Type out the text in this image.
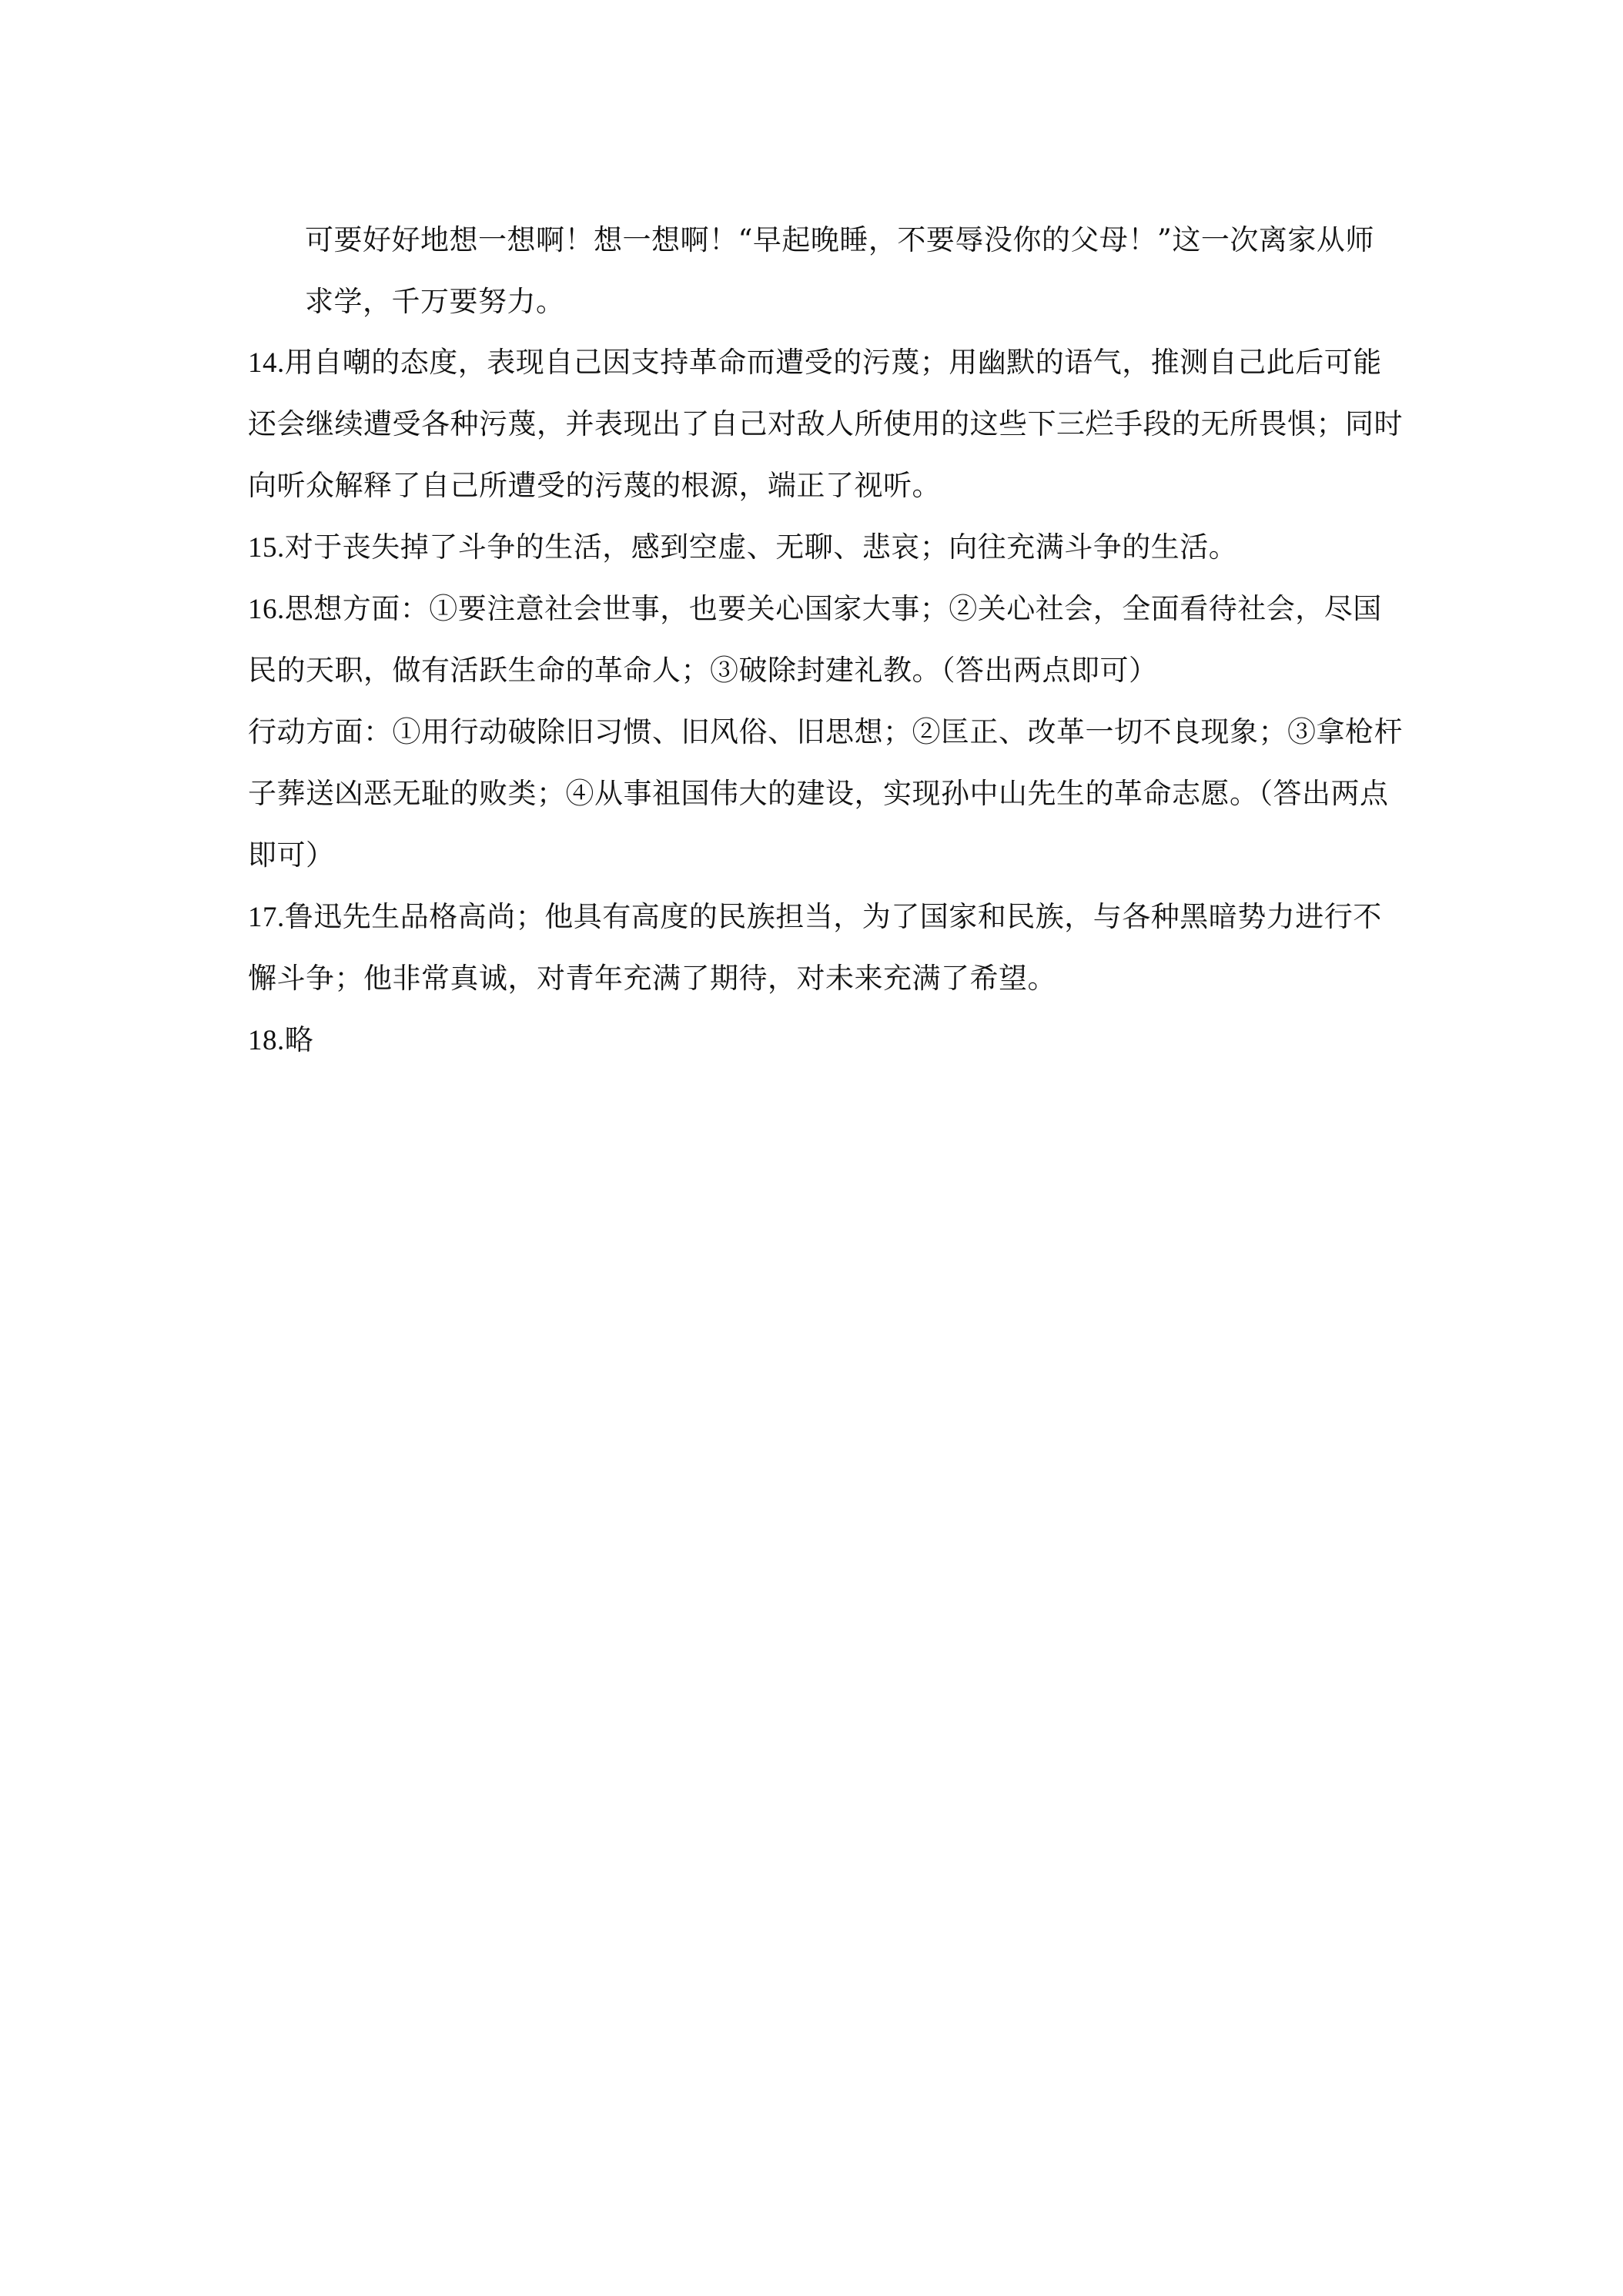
可要好好地想一想啊！想一想啊！“早起晚睡，不要辱没你的父母！”这一次离家从师
求学，千万要努力。

14.用自嘲的态度，表现自己因支持革命而遭受的污蔑；用幽默的语气，推测自己此后可能
还会继续遭受各种污蔑，并表现出了自己对敌人所使用的这些下三烂手段的无所畏惧；同时
向听众解释了自己所遭受的污蔑的根源，端正了视听。

15.对于丧失掉了斗争的生活，感到空虚、无聊、悲哀；向往充满斗争的生活。

16.思想方面：①要注意社会世事，也要关心国家大事；②关心社会，全面看待社会，尽国
民的天职，做有活跃生命的革命人；③破除封建礼教。（答出两点即可）

行动方面：①用行动破除旧习惯、旧风俗、旧思想；②匡正、改革一切不良现象；③拿枪杆
子葬送凶恶无耻的败类；④从事祖国伟大的建设，实现孙中山先生的革命志愿。（答出两点
即可）

17.鲁迅先生品格高尚；他具有高度的民族担当，为了国家和民族，与各种黑暗势力进行不
懈斗争；他非常真诚，对青年充满了期待，对未来充满了希望。

18.略
